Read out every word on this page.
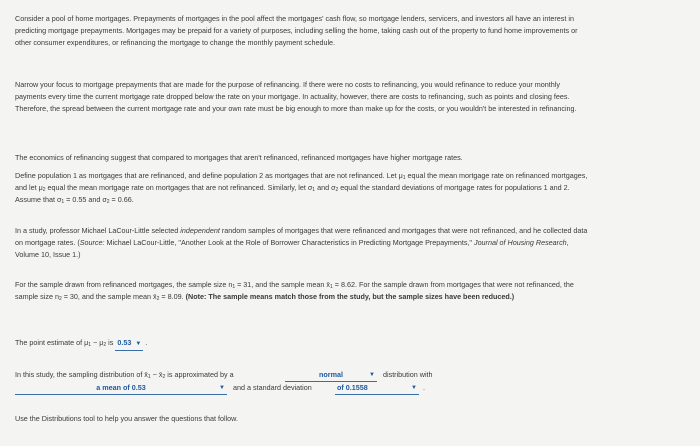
Consider a pool of home mortgages. Prepayments of mortgages in the pool affect the mortgages' cash flow, so mortgage lenders, servicers, and investors all have an interest in predicting mortgage prepayments. Mortgages may be prepaid for a variety of purposes, including selling the home, taking cash out of the property to fund home improvements or other consumer expenditures, or refinancing the mortgage to change the monthly payment schedule.

Narrow your focus to mortgage prepayments that are made for the purpose of refinancing. If there were no costs to refinancing, you would refinance to reduce your monthly payments every time the current mortgage rate dropped below the rate on your mortgage. In actuality, however, there are costs to refinancing, such as points and closing fees. Therefore, the spread between the current mortgage rate and your own rate must be big enough to more than make up for the costs, or you wouldn't be interested in refinancing.

The economics of refinancing suggest that compared to mortgages that aren't refinanced, refinanced mortgages have higher mortgage rates.

Define population 1 as mortgages that are refinanced, and define population 2 as mortgages that are not refinanced. Let $\mu_1$ equal the mean mortgage rate on refinanced mortgages, and let $\mu_2$ equal the mean mortgage rate on mortgages that are not refinanced. Similarly, let $\sigma_1$ and $\sigma_2$ equal the standard deviations of mortgage rates for populations 1 and 2. Assume that $\sigma_1 = 0.55$ and $\sigma_2 = 0.66$.

In a study, professor Michael LaCour-Little selected independent random samples of mortgages that were refinanced and mortgages that were not refinanced, and he collected data on mortgage rates. (Source: Michael LaCour-Little, "Another Look at the Role of Borrower Characteristics in Predicting Mortgage Prepayments," Journal of Housing Research, Volume 10, Issue 1.)

For the sample drawn from refinanced mortgages, the sample size $n_1 = 31$, and the sample mean $x̄_1 = 8.62$. For the sample drawn from mortgages that were not refinanced, the sample size $n_2 = 30$, and the sample mean $x̄_2 = 8.09$. (Note: The sample means match those from the study, but the sample sizes have been reduced.)

The point estimate of $\mu_1 - \mu_2$ is 0.53 ▼ .

In this study, the sampling distribution of $x̄_1$ − $x̄_2$ is approximated by a	normal	▼ distribution with
a mean of 0.53	▼ and a standard deviation	of 0.1558	▼ .

Use the Distributions tool to help you answer the questions that follow.
